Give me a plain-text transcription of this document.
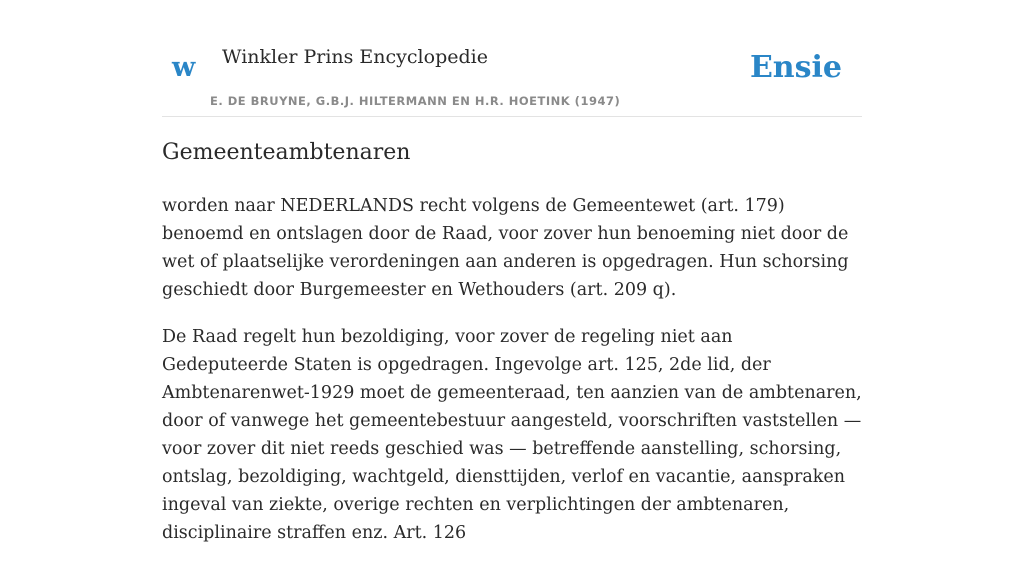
w Winkler Prins Encyclopedie
E. DE BRUYNE, G.B.J. HILTERMANN EN H.R. HOETINK (1947)
Ensie
Gemeenteambtenaren

worden naar NEDERLANDS recht volgens de Gemeentewet (art. 179) benoemd en ontslagen door de Raad, voor zover hun benoeming niet door de wet of plaatselijke verordeningen aan anderen is opgedragen. Hun schorsing geschiedt door Burgemeester en Wethouders (art. 209 q).

De Raad regelt hun bezoldiging, voor zover de regeling niet aan Gedeputeerde Staten is opgedragen. Ingevolge art. 125, 2de lid, der Ambtenarenwet-1929 moet de gemeenteraad, ten aanzien van de ambtenaren, door of vanwege het gemeentebestuur aangesteld, voorschriften vaststellen — voor zover dit niet reeds geschied was — betreffende aanstelling, schorsing, ontslag, bezoldiging, wachtgeld, diensttijden, verlof en vacantie, aanspraken ingeval van ziekte, overige rechten en verplichtingen der ambtenaren, disciplinaire straffen enz. Art. 126
